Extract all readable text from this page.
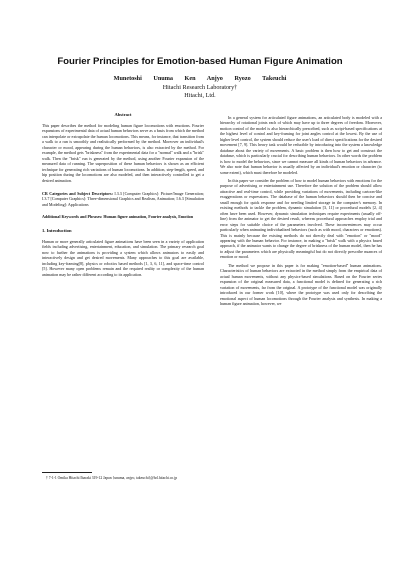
Fourier Principles for Emotion-based Human Figure Animation
Munetoshi Unuma Ken Anjyo Ryozo Takeuchi
Hitachi Research Laboratory†
Hitachi, Ltd.
Abstract

This paper describes the method for modeling human figure locomotions with emotions. Fourier expansions of experimental data of actual human behaviors serve as a basis from which the method can interpolate or extrapolate the human locomotions. This means, for instance, that transition from a walk to a run is smoothly and realistically performed by the method. Moreover an individual's character or mood, appearing during the human behaviors, is also extracted by the method. For example, the method gets "briskness" from the experimental data for a "normal" walk and a "brisk" walk. Then the "brisk" run is generated by the method, using another Fourier expansion of the measured data of running. The superposition of these human behaviors is shown as an efficient technique for generating rich variations of human locomotions. In addition, step-length, speed, and hip position during the locomotions are also modeled, and then interactively controlled to get a desired animation.

CR Categories and Subject Descriptors: I.3.3 [Computer Graphics]: Picture/Image Generation; I.3.7 [Computer Graphics]: Three-dimensional Graphics and Realism, Animation; I.6.3 [Simulation and Modeling]: Applications

Additional Keywords and Phrases: Human figure animation, Fourier analysis, Emotion

1. Introduction

Human or more generally articulated figure animations have been seen in a variety of application fields including advertising, entertainment, education, and simulation. The primary research goal now to further the animations is providing a system which allows animators to easily and interactively design and get desired movements. Many approaches to this goal are available, including key-framing[8], physics or robotics based methods [1, 3, 6, 11], and space-time control [5]. However many open problems remain and the required reality or complexity of the human animation may be rather different according to its application.

† 7-1-1 Omika Hitachi Ibaraki 319-12 Japan {unuma, anjyo, takeuchi}@hrl.hitachi.co.jp

In a general system for articulated figure animations, an articulated body is modeled with a hierarchy of rotational joints each of which may have up to three degrees of freedom. Moreover, motion control of the model is also hierarchically prescribed, such as script-based specifications at the highest level of control and key-framing for joint angles control at the lowest. By the use of higher level control, the system should reduce the user's load of direct specifications for the desired movement [7, 9]. This heavy task would be reducible by introducing into the system a knowledge database about the variety of movements. A basic problem is then how to get and construct the database, which is particularly crucial for describing human behaviors. In other words the problem is how to model the behaviors, since we cannot measure all kinds of human behaviors in advance. We also note that human behavior is usually affected by an individual's emotion or character (to some extent), which must therefore be modeled.

In this paper we consider the problem of how to model human behaviors with emotions for the purpose of advertising or entertainment use. Therefore the solution of the problem should allow attractive and real-time control, while providing variations of movements, including cartoon-like exaggerations or expressions. The database of the human behaviors should then be concise and small enough for quick response and for needing limited storage in the computer's memory. In existing methods to tackle the problem, dynamic simulation [3, 11] or procedural models [2, 4] often have been used. However, dynamic simulation techniques require experiments (usually off-line) from the animator to get the desired result, whereas procedural approaches employ trial and error steps for suitable choice of the parameters involved. These inconveniences may occur particularly when animating individualized behaviors (such as with mood, characters or emotions). This is mainly because the existing methods do not directly deal with "emotion" or "mood" appearing with the human behavior. For instance, in making a "brisk" walk with a physics based approach, if the animator wants to change the degree of briskness of the human model, then he has to adjust the parameters which are physically meaningful but do not directly prescribe nuances of emotion or mood.

The method we propose in this paper is for making "emotion-based" human animations. Characteristics of human behaviors are extracted in the method simply from the empirical data of actual human movements, without any physics-based simulations. Based on the Fourier series expansion of the original measured data, a functional model is defined for generating a rich variation of movements, far from the original. A prototype of the functional model was originally introduced in our former work [10], where the prototype was used only for describing the emotional aspect of human locomotions through the Fourier analysis and synthesis. In making a human figure animation, however, we
